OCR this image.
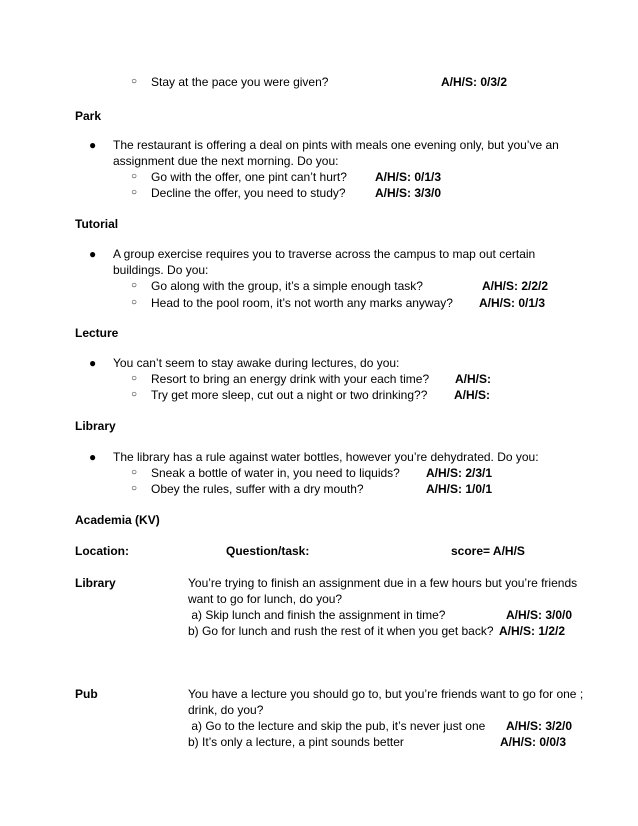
○ Stay at the pace you were given?	A/H/S: 0/3/2
Park
● The restaurant is offering a deal on pints with meals one evening only, but you’ve an
assignment due the next morning. Do you:
○ Go with the offer, one pint can’t hurt? A/H/S: 0/1/3
○ Decline the offer, you need to study? A/H/S: 3/3/0
Tutorial
● A group exercise requires you to traverse across the campus to map out certain
buildings. Do you:
○ Go along with the group, it’s a simple enough task?	A/H/S: 2/2/2
○ Head to the pool room, it’s not worth any marks anyway? A/H/S: 0/1/3
Lecture
● You can’t seem to stay awake during lectures, do you:
○ Resort to bring an energy drink with your each time? A/H/S:
○ Try get more sleep, cut out a night or two drinking?? A/H/S:
Library
● The library has a rule against water bottles, however you’re dehydrated. Do you:
○ Sneak a bottle of water in, you need to liquids? A/H/S: 2/3/1
○ Obey the rules, suffer with a dry mouth?	A/H/S: 1/0/1
Academia (KV)
Location:	Question/task:	score= A/H/S
Library	You’re trying to finish an assignment due in a few hours but you’re friends
want to go for lunch, do you?
a) Skip lunch and finish the assignment in time?	A/H/S: 3/0/0
b) Go for lunch and rush the rest of it when you get back? A/H/S: 1/2/2
Pub	You have a lecture you should go to, but you’re friends want to go for one ;
drink, do you?
a) Go to the lecture and skip the pub, it’s never just one A/H/S: 3/2/0
b) It’s only a lecture, a pint sounds better	A/H/S: 0/0/3
